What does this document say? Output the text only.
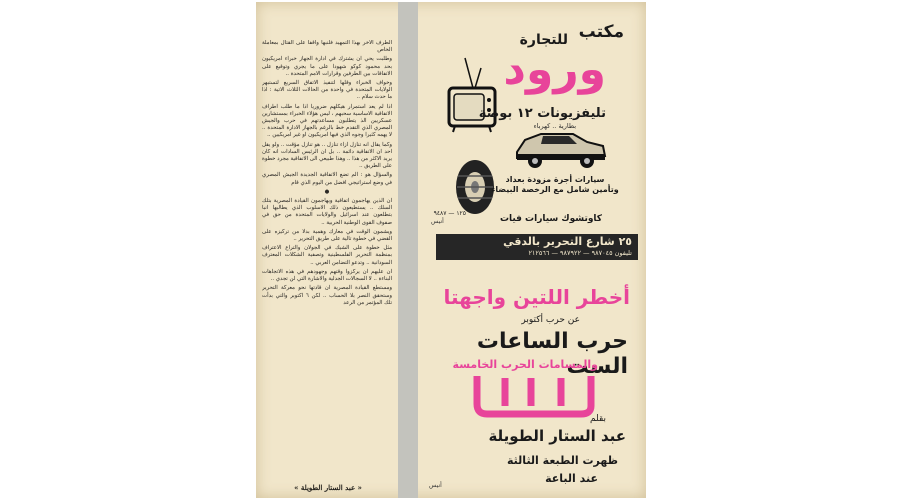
الطرف الآخر بهذا التمهيد فلنبها واقفا على القتال بمعاملة الخاص

وطلبت يحي ان يشترك في ادارة الجهاز خبراء امريكيون بحد محمود كوكو شهودا على ما يجري وتوقيع على الاتفاقات بين الطرفين وقرارات الامم المتحدة ..

وخواف الخبراء وقلها لتنفيذ الاتفاق السريع لتستبهر الولايات المتحدة في واحدة من الحالات الثلاث الاتية : اذا ما حدث سلام ..

اذا لم يعد استمرار هيكلهم ضروريا اذا ما طلب اطراف الاتفاقية الاساسية سحبهم ، ليس هؤلاء الخبراء بمستشارين عسكريين الذ يتطلبون مساعدتهم في حرب والجيش المصري الذي التقدم خط بالرغم بالجهاز الادارة المتحدة .. لا يهمه كثيرا وجوه الذي فيها امريكيون او غير امريكيين ..

وكما يقال انه تنازل ازاء تنازل .. هو تنازل مؤقت .. ولو يقل احد ان الاتفاقية دائمة .. بل ان الرئيس السادات انه كان يريد الاكثر من هذا .. وهذا طبيعي الى الاتفاقية مجرد خطوة على الطريق ..

والسؤال هو : الم تضع الاتفاقية الجديدة الجيش المصري في وضع استراتيجي افضل من اليوم الذي قام

●

ان الذين يهاجمون اتفاقية ويهاجمون القيادة المصرية بتلك السلك .. يستطيعون ذلك الاسلوب الذي يطالبها انبا بتطلعون عند اسرائيل والولايات المتحدة من حق في صفوف القوى الوطنية الحربية ..

ويشمون الوقت في معارك وهمية بدلا من تركيزه على القضي في خطوة تالية على طريق التحرير ..

مثل خطوة على الشيك في الجولان والتراع الاعتراف بمنظمة التحرير الفلسطينية وتصفية الشكلات المعترف السودانية .. وتدعو التضامن العربي ..

ان عليهم ان يركزوا وقتهم وجهودهم في هذه الاتجاهات البناءة .. لا السجالات الجدلية والاشارة التي لن تجدي ..

ومستطع القيادة المصرية ان قادتها نحو معركة التحرير وستحقق النصر بلا الحساب .. لكن ٦ اكتوبر والتي بدأت تلك المؤتمر من الرعد

« عبد الستار الطويلة »
مكتب
للتجارة
ورود
تليفزيونات ١٢ بوصة
بطارية .. كهرباء
سيارات أجرة مزودة بعداد
وتأمين شامل مع الرخصة البيضاء
كاوتشوك سيارات فيات
١٢٥ — ٩٤٨٧
أنيس
٢٥ شارع التحرير بالدقي
تليفون ٩٨٧٠٤٥ — ٩٨٧٩٢٢ — ٢١٢٥٦٦
أخطر اللتين واجهتا
عن حرب أكتوبر
حرب الساعات الست
والمسامات الحرب الخامسة
بقلم
عبد الستار الطويلة
ظهرت الطبعة الثالثة
عند الباعة
أنيس
